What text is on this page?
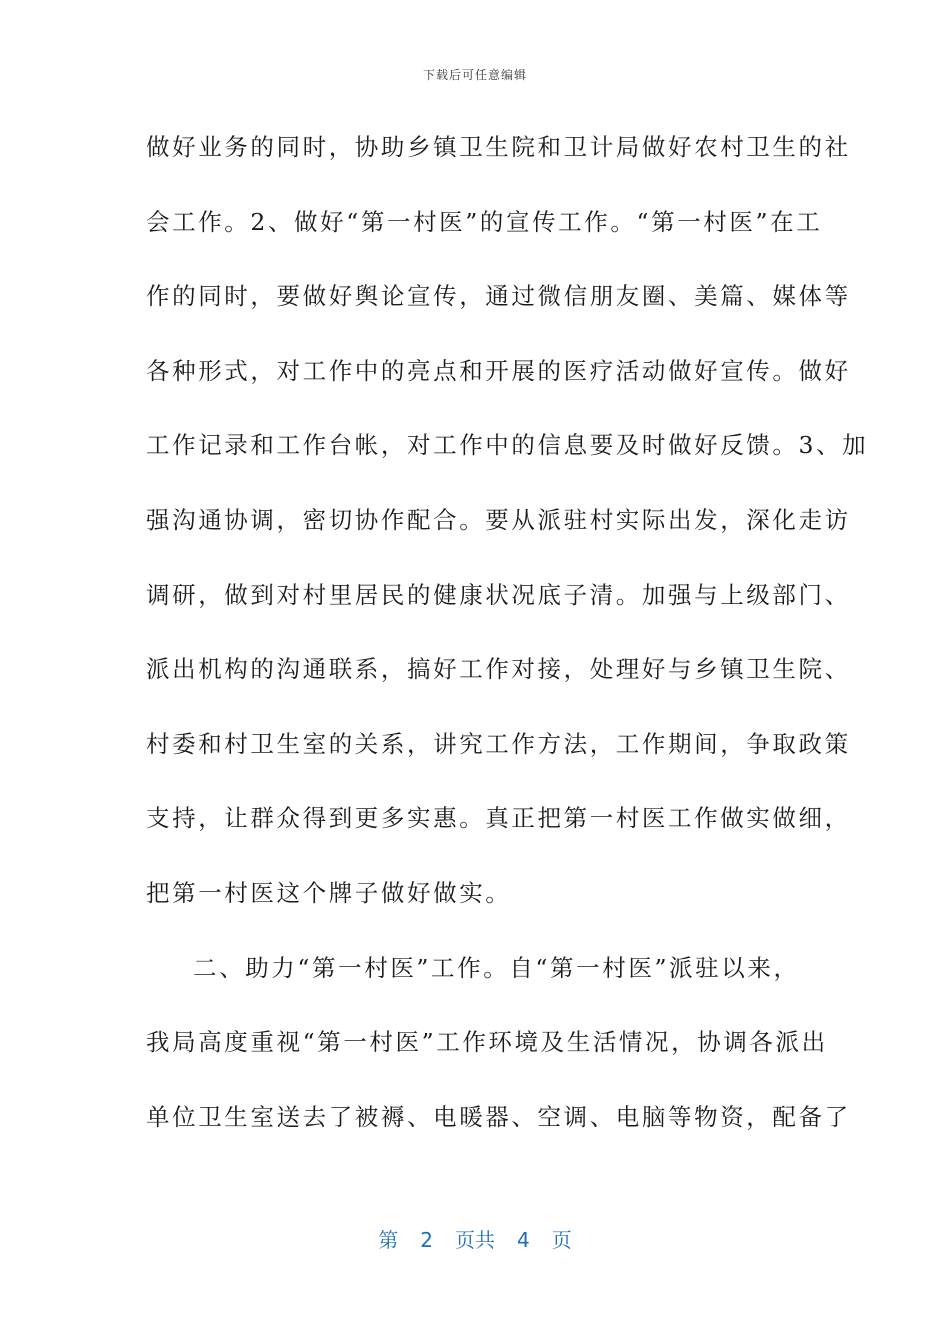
下载后可任意编辑
做好业务的同时，协助乡镇卫生院和卫计局做好农村卫生的社
会工作。2、做好“第一村医”的宣传工作。“第一村医”在工
作的同时，要做好舆论宣传，通过微信朋友圈、美篇、媒体等
各种形式，对工作中的亮点和开展的医疗活动做好宣传。做好
工作记录和工作台帐，对工作中的信息要及时做好反馈。3、加
强沟通协调，密切协作配合。要从派驻村实际出发，深化走访
调研，做到对村里居民的健康状况底子清。加强与上级部门、
派出机构的沟通联系，搞好工作对接，处理好与乡镇卫生院、
村委和村卫生室的关系，讲究工作方法，工作期间，争取政策
支持，让群众得到更多实惠。真正把第一村医工作做实做细，
把第一村医这个牌子做好做实。
二、助力“第一村医”工作。自“第一村医”派驻以来，
我局高度重视“第一村医”工作环境及生活情况，协调各派出
单位卫生室送去了被褥、电暖器、空调、电脑等物资，配备了
第 2 页共 4 页
